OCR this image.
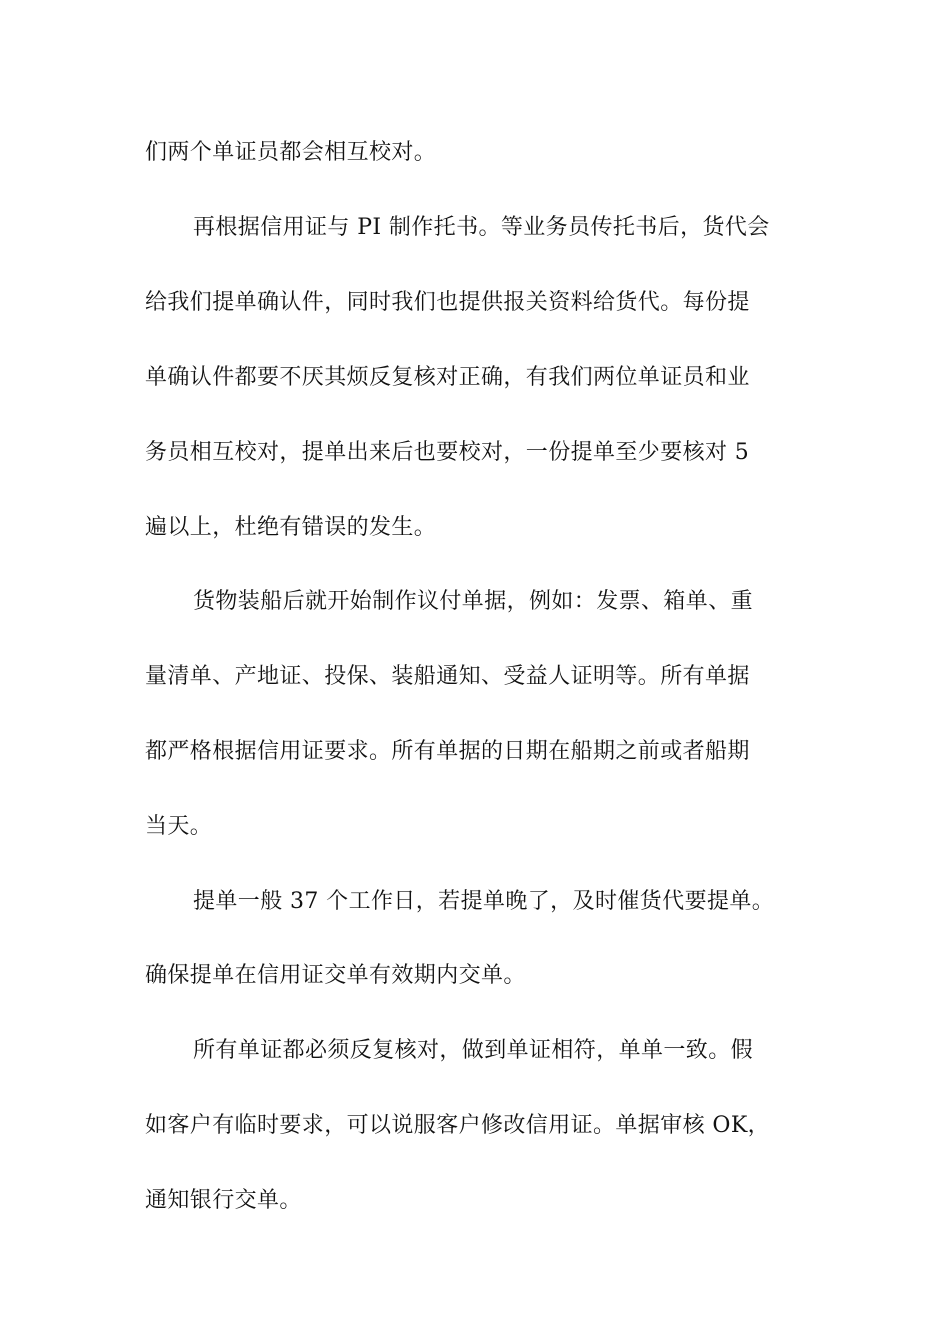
们两个单证员都会相互校对。
再根据信用证与 PI 制作托书。等业务员传托书后，货代会
给我们提单确认件，同时我们也提供报关资料给货代。每份提
单确认件都要不厌其烦反复核对正确，有我们两位单证员和业
务员相互校对，提单出来后也要校对，一份提单至少要核对 5
遍以上，杜绝有错误的发生。
货物装船后就开始制作议付单据，例如：发票、箱单、重
量清单、产地证、投保、装船通知、受益人证明等。所有单据
都严格根据信用证要求。所有单据的日期在船期之前或者船期
当天。
提单一般 37 个工作日，若提单晚了，及时催货代要提单。
确保提单在信用证交单有效期内交单。
所有单证都必须反复核对，做到单证相符，单单一致。假
如客户有临时要求，可以说服客户修改信用证。单据审核 OK，
通知银行交单。
